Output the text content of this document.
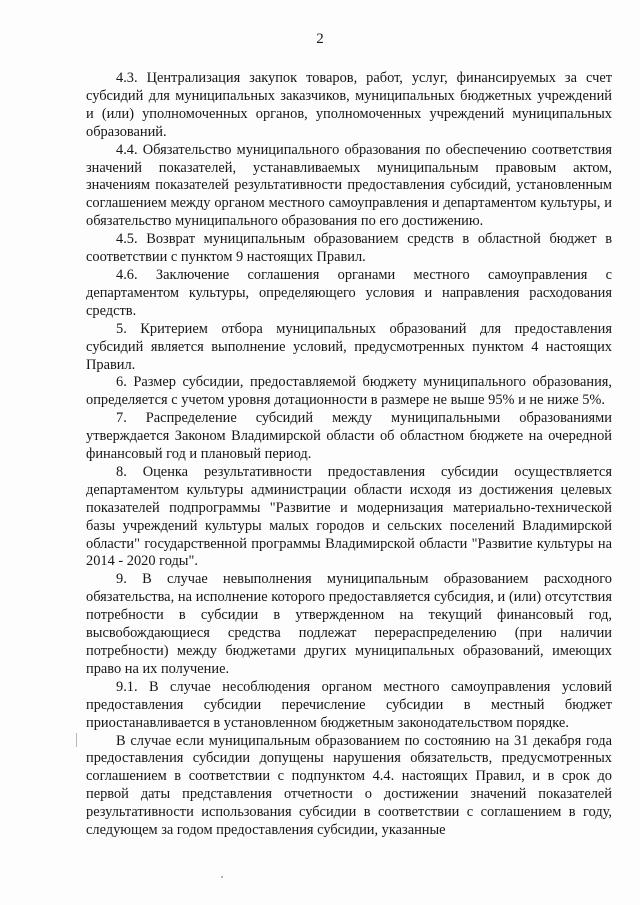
2

4.3. Централизация закупок товаров, работ, услуг, финансируемых за счет субсидий для муниципальных заказчиков, муниципальных бюджетных учреждений и (или) уполномоченных органов, уполномоченных учреждений муниципальных образований.

4.4. Обязательство муниципального образования по обеспечению соответствия значений показателей, устанавливаемых муниципальным правовым актом, значениям показателей результативности предоставления субсидий, установленным соглашением между органом местного самоуправления и департаментом культуры, и обязательство муниципального образования по его достижению.

4.5. Возврат муниципальным образованием средств в областной бюджет в соответствии с пунктом 9 настоящих Правил.

4.6. Заключение соглашения органами местного самоуправления с департаментом культуры, определяющего условия и направления расходования средств.

5. Критерием отбора муниципальных образований для предоставления субсидий является выполнение условий, предусмотренных пунктом 4 настоящих Правил.

6. Размер субсидии, предоставляемой бюджету муниципального образования, определяется с учетом уровня дотационности в размере не выше 95% и не ниже 5%.

7. Распределение субсидий между муниципальными образованиями утверждается Законом Владимирской области об областном бюджете на очередной финансовый год и плановый период.

8. Оценка результативности предоставления субсидии осуществляется департаментом культуры администрации области исходя из достижения целевых показателей подпрограммы "Развитие и модернизация материально-технической базы учреждений культуры малых городов и сельских поселений Владимирской области" государственной программы Владимирской области "Развитие культуры на 2014 - 2020 годы".

9. В случае невыполнения муниципальным образованием расходного обязательства, на исполнение которого предоставляется субсидия, и (или) отсутствия потребности в субсидии в утвержденном на текущий финансовый год, высвобождающиеся средства подлежат перераспределению (при наличии потребности) между бюджетами других муниципальных образований, имеющих право на их получение.

9.1. В случае несоблюдения органом местного самоуправления условий предоставления субсидии перечисление субсидии в местный бюджет приостанавливается в установленном бюджетным законодательством порядке.

В случае если муниципальным образованием по состоянию на 31 декабря года предоставления субсидии допущены нарушения обязательств, предусмотренных соглашением в соответствии с подпунктом 4.4. настоящих Правил, и в срок до первой даты представления отчетности о достижении значений показателей результативности использования субсидии в соответствии с соглашением в году, следующем за годом предоставления субсидии, указанные
